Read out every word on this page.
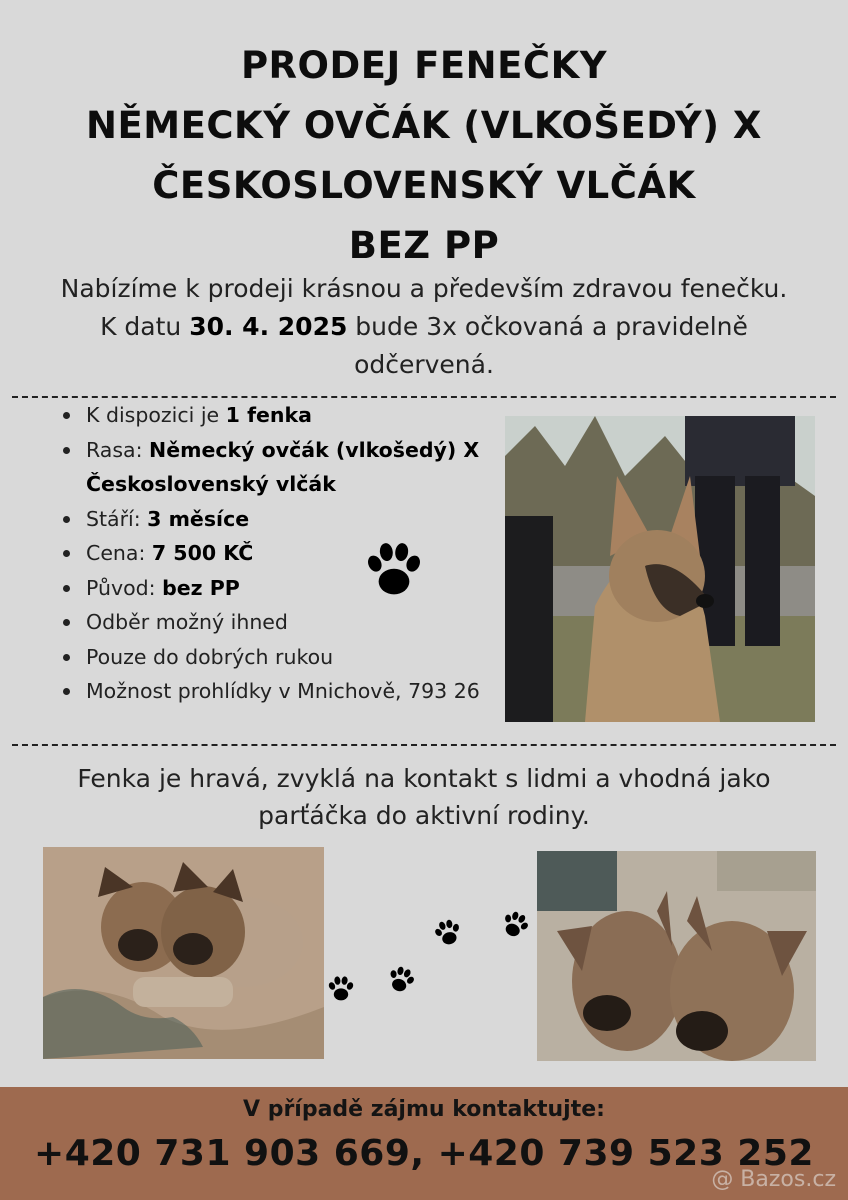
PRODEJ FENEČKY
NĚMECKÝ OVČÁK (VLKOŠEDÝ) X
ČESKOSLOVENSKÝ VLČÁK
BEZ PP
Nabízíme k prodeji krásnou a především zdravou fenečku. K datu 30. 4. 2025 bude 3x očkovaná a pravidelně odčervená.
K dispozici je 1 fenka
Rasa: Německý ovčák (vlkošedý) X Československý vlčák
Stáří: 3 měsíce
Cena: 7 500 KČ
Původ: bez PP
Odběr možný ihned
Pouze do dobrých rukou
Možnost prohlídky v Mnichově, 793 26
Fenka je hravá, zvyklá na kontakt s lidmi a vhodná jako parťáčka do aktivní rodiny.
V případě zájmu kontaktujte:
+420 731 903 669, +420 739 523 252
@ Bazos.cz
